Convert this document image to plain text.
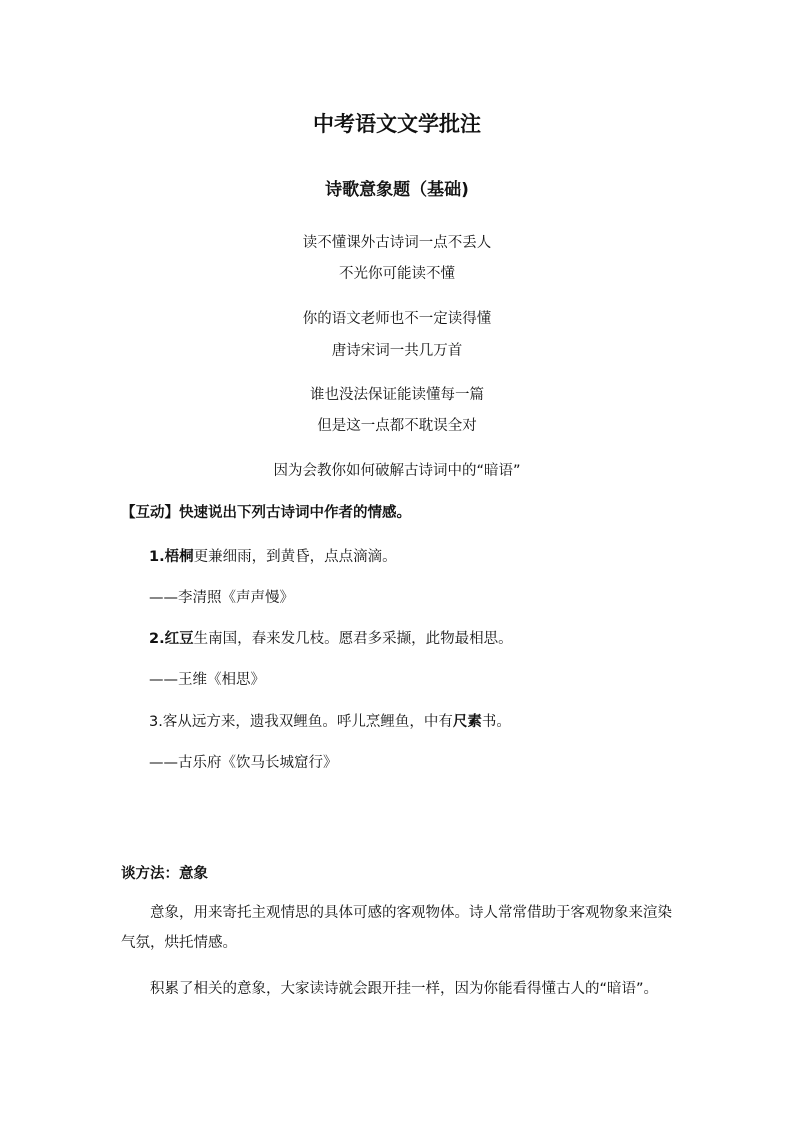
中考语文文学批注
诗歌意象题（基础)
读不懂课外古诗词一点不丢人
不光你可能读不懂
你的语文老师也不一定读得懂
唐诗宋词一共几万首
谁也没法保证能读懂每一篇
但是这一点都不耽误全对
因为会教你如何破解古诗词中的“暗语”
【互动】快速说出下列古诗词中作者的情感。
1.梧桐更兼细雨，到黄昏，点点滴滴。
——李清照《声声慢》
2.红豆生南国，春来发几枝。愿君多采撷，此物最相思。
——王维《相思》
3.客从远方来，遗我双鲤鱼。呼儿烹鲤鱼，中有尺素书。
——古乐府《饮马长城窟行》
谈方法：意象
意象，用来寄托主观情思的具体可感的客观物体。诗人常常借助于客观物象来渲染气氛，烘托情感。
积累了相关的意象，大家读诗就会跟开挂一样，因为你能看得懂古人的“暗语”。
